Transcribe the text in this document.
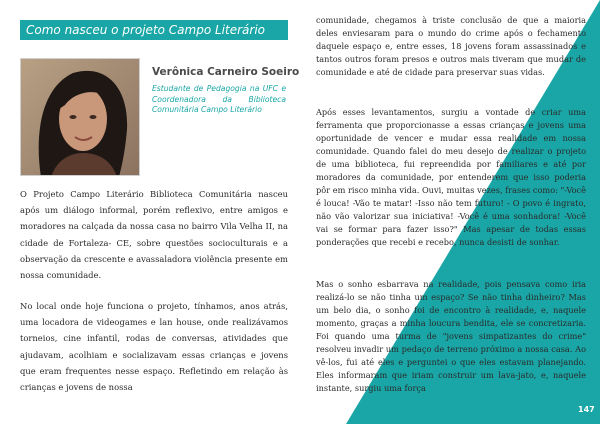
Como nasceu o projeto Campo Literário
Verônica Carneiro Soeiro
Estudante de Pedagogia na UFC e Coordenadora da Biblioteca Comunitária Campo Literário

O Projeto Campo Literário Biblioteca Comunitária nasceu após um diálogo informal, porém reflexivo, entre amigos e moradores na calçada da nossa casa no bairro Vila Velha II, na cidade de Fortaleza- CE, sobre questões socioculturais e a observação da crescente e avassaladora violência presente em nossa comunidade.

No local onde hoje funciona o projeto, tínhamos, anos atrás, uma locadora de videogames e lan house, onde realizávamos torneios, cine infantil, rodas de conversas, atividades que ajudavam, acolhiam e socializavam essas crianças e jovens que eram frequentes nesse espaço. Refletindo em relação às crianças e jovens de nossa

comunidade, chegamos à triste conclusão de que a maioria deles enviesaram para o mundo do crime após o fechamento daquele espaço e, entre esses, 18 jovens foram assassinados e tantos outros foram presos e outros mais tiveram que mudar de comunidade e até de cidade para preservar suas vidas.

Após esses levantamentos, surgiu a vontade de criar uma ferramenta que proporcionasse a essas crianças e jovens uma oportunidade de vencer e mudar essa realidade em nossa comunidade. Quando falei do meu desejo de realizar o projeto de uma biblioteca, fui repreendida por familiares e até por moradores da comunidade, por entenderem que isso poderia pôr em risco minha vida. Ouvi, muitas vezes, frases como: "-Você é louca! -Vão te matar! -Isso não tem futuro! - O povo é ingrato, não vão valorizar sua iniciativa! -Você é uma sonhadora! -Você vai se formar para fazer isso?" Mas apesar de todas essas ponderações que recebi e recebo, nunca desisti de sonhar.

Mas o sonho esbarrava na realidade, pois pensava como iria realizá-lo se não tinha um espaço? Se não tinha dinheiro? Mas um belo dia, o sonho foi de encontro à realidade, e, naquele momento, graças a minha loucura bendita, ele se concretizaria. Foi quando uma turma de "jovens simpatizantes do crime" resolveu invadir um pedaço de terreno próximo a nossa casa. Ao vê-los, fui até eles e perguntei o que eles estavam planejando. Eles informaram que iriam construir um lava-jato, e, naquele instante, surgiu uma força

147
